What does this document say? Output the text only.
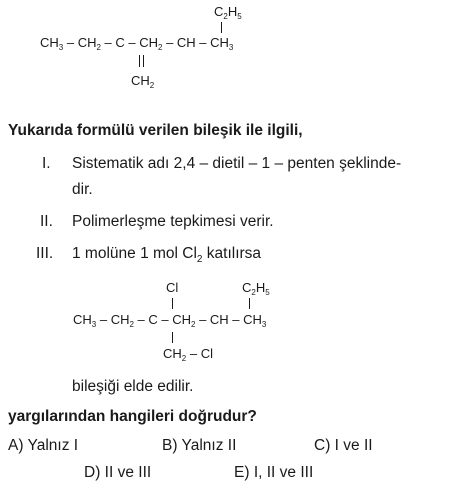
$C_2H_5$
$CH_3 - CH_2$ – C – $CH_2$ – CH – $CH_3$
$CH_2$
Yukarıda formülü verilen bileşik ile ilgili,
I. Sistematik adı 2,4 – dietil – 1 – penten şeklinde-
dir.
II. Polimerleşme tepkimesi verir.
III. 1 molüne 1 mol $Cl_2$ katılırsa
Cl	$C_2H_5$
$CH_3 - CH_2$ – C – $CH_2$ – CH – $CH_3$
$CH_2$ – Cl
bileşiği elde edilir.
yargılarından hangileri doğrudur?
A) Yalnız I	B) Yalnız II	C) I ve II
D) II ve III	E) I, II ve III
